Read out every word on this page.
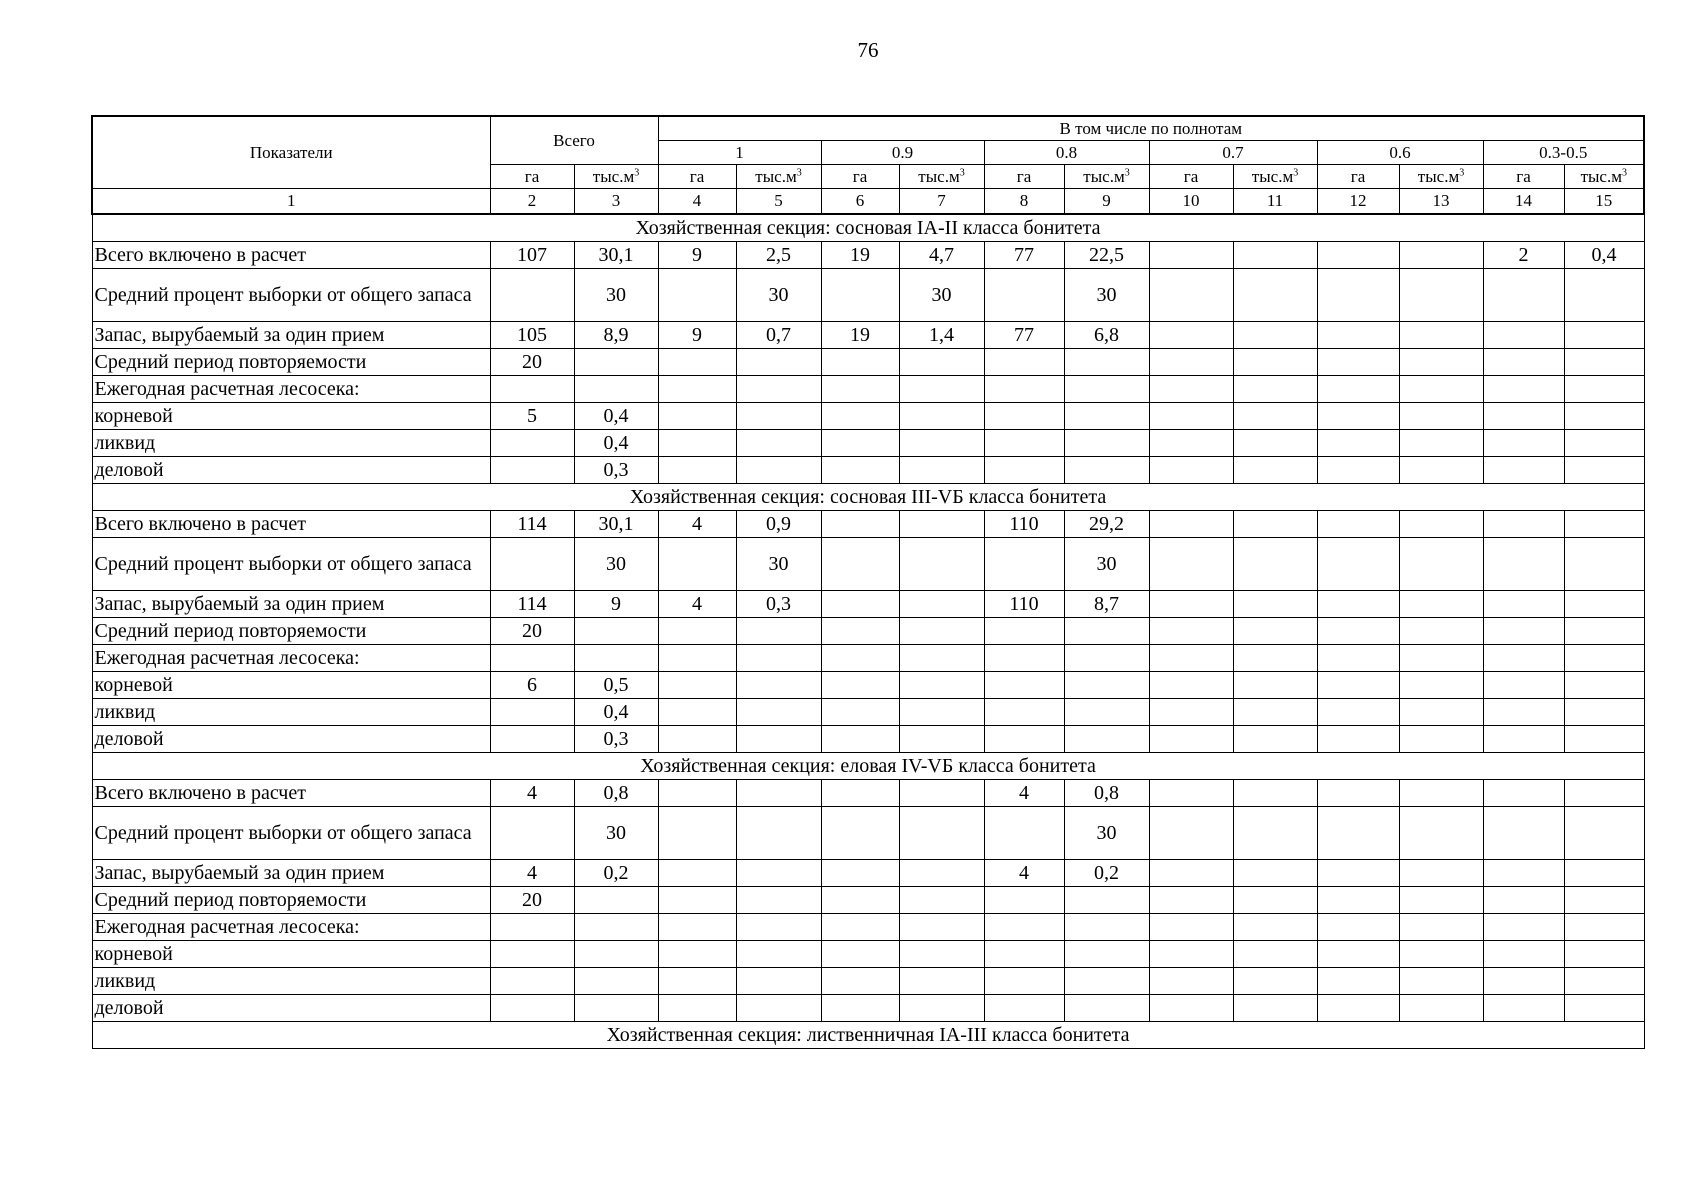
76
Показатели	Всего		В том числе по полнотам											
			1		0.9		0.8		0.7		0.6		0.3-0.5	
	га	$тыс.м^3$	га	$тыс.м^3$	га	$тыс.м^3$	га	$тыс.м^3$	га	$тыс.м^3$	га	$тыс.м^3$	га	$тыс.м^3$
1	2	3	4	5	6	7	8	9	10	11	12	13	14	15
Хозяйственная секция: сосновая IA-II класса бонитета														
Всего включено в расчет	107	30,1	9	2,5	19	4,7	77	22,5					2	0,4
Средний процент выборки от общего запаса		30		30		30		30						
Запас, вырубаемый за один прием	105	8,9	9	0,7	19	1,4	77	6,8						
Средний период повторяемости	20													
Ежегодная расчетная лесосека:														
корневой	5	0,4												
ликвид		0,4												
деловой		0,3												
Хозяйственная секция: сосновая III-VБ класса бонитета														
Всего включено в расчет	114	30,1	4	0,9			110	29,2						
Средний процент выборки от общего запаса		30		30				30						
Запас, вырубаемый за один прием	114	9	4	0,3			110	8,7						
Средний период повторяемости	20													
Ежегодная расчетная лесосека:														
корневой	6	0,5												
ликвид		0,4												
деловой		0,3												
Хозяйственная секция: еловая IV-VБ класса бонитета														
Всего включено в расчет	4	0,8					4	0,8						
Средний процент выборки от общего запаса		30						30						
Запас, вырубаемый за один прием	4	0,2					4	0,2						
Средний период повторяемости	20													
Ежегодная расчетная лесосека:														
корневой														
ликвид														
деловой														
Хозяйственная секция: лиственничная IA-III класса бонитета														
